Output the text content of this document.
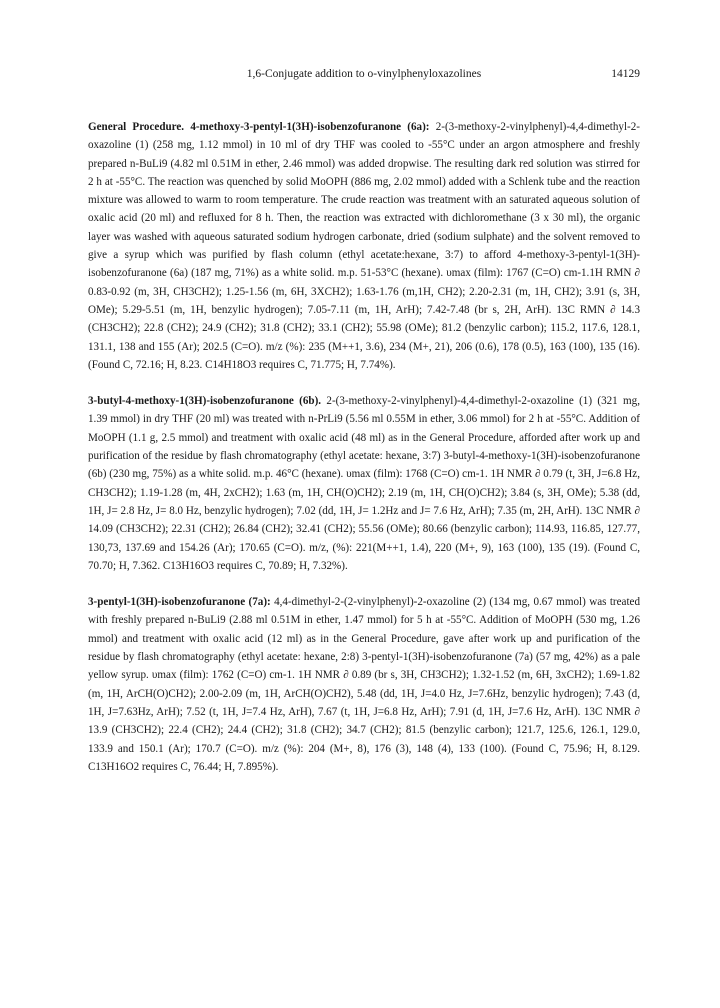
1,6-Conjugate addition to o-vinylphenyloxazolines	14129

General Procedure. 4-methoxy-3-pentyl-1(3H)-isobenzofuranone (6a): 2-(3-methoxy-2-vinylphenyl)-4,4-dimethyl-2-oxazoline (1) (258 mg, 1.12 mmol) in 10 ml of dry THF was cooled to -55°C under an argon atmosphere and freshly prepared n-BuLi9 (4.82 ml 0.51M in ether, 2.46 mmol) was added dropwise. The resulting dark red solution was stirred for 2 h at -55°C. The reaction was quenched by solid MoOPH (886 mg, 2.02 mmol) added with a Schlenk tube and the reaction mixture was allowed to warm to room temperature. The crude reaction was treatment with an saturated aqueous solution of oxalic acid (20 ml) and refluxed for 8 h. Then, the reaction was extracted with dichloromethane (3 x 30 ml), the organic layer was washed with aqueous saturated sodium hydrogen carbonate, dried (sodium sulphate) and the solvent removed to give a syrup which was purified by flash column (ethyl acetate:hexane, 3:7) to afford 4-methoxy-3-pentyl-1(3H)-isobenzofuranone (6a) (187 mg, 71%) as a white solid. m.p. 51-53°C (hexane). υmax (film): 1767 (C=O) cm-1.1H RMN ∂ 0.83-0.92 (m, 3H, CH3CH2); 1.25-1.56 (m, 6H, 3XCH2); 1.63-1.76 (m,1H, CH2); 2.20-2.31 (m, 1H, CH2); 3.91 (s, 3H, OMe); 5.29-5.51 (m, 1H, benzylic hydrogen); 7.05-7.11 (m, 1H, ArH); 7.42-7.48 (br s, 2H, ArH). 13C RMN ∂ 14.3 (CH3CH2); 22.8 (CH2); 24.9 (CH2); 31.8 (CH2); 33.1 (CH2); 55.98 (OMe); 81.2 (benzylic carbon); 115.2, 117.6, 128.1, 131.1, 138 and 155 (Ar); 202.5 (C=O). m/z (%): 235 (M++1, 3.6), 234 (M+, 21), 206 (0.6), 178 (0.5), 163 (100), 135 (16). (Found C, 72.16; H, 8.23. C14H18O3 requires C, 71.775; H, 7.74%).

3-butyl-4-methoxy-1(3H)-isobenzofuranone (6b). 2-(3-methoxy-2-vinylphenyl)-4,4-dimethyl-2-oxazoline (1) (321 mg, 1.39 mmol) in dry THF (20 ml) was treated with n-PrLi9 (5.56 ml 0.55M in ether, 3.06 mmol) for 2 h at -55°C. Addition of MoOPH (1.1 g, 2.5 mmol) and treatment with oxalic acid (48 ml) as in the General Procedure, afforded after work up and purification of the residue by flash chromatography (ethyl acetate: hexane, 3:7) 3-butyl-4-methoxy-1(3H)-isobenzofuranone (6b) (230 mg, 75%) as a white solid. m.p. 46°C (hexane). υmax (film): 1768 (C=O) cm-1. 1H NMR ∂ 0.79 (t, 3H, J=6.8 Hz, CH3CH2); 1.19-1.28 (m, 4H, 2xCH2); 1.63 (m, 1H, CH(O)CH2); 2.19 (m, 1H, CH(O)CH2); 3.84 (s, 3H, OMe); 5.38 (dd, 1H, J= 2.8 Hz, J= 8.0 Hz, benzylic hydrogen); 7.02 (dd, 1H, J= 1.2Hz and J= 7.6 Hz, ArH); 7.35 (m, 2H, ArH). 13C NMR ∂ 14.09 (CH3CH2); 22.31 (CH2); 26.84 (CH2); 32.41 (CH2); 55.56 (OMe); 80.66 (benzylic carbon); 114.93, 116.85, 127.77, 130,73, 137.69 and 154.26 (Ar); 170.65 (C=O). m/z, (%): 221(M++1, 1.4), 220 (M+, 9), 163 (100), 135 (19). (Found C, 70.70; H, 7.362. C13H16O3 requires C, 70.89; H, 7.32%).

3-pentyl-1(3H)-isobenzofuranone (7a): 4,4-dimethyl-2-(2-vinylphenyl)-2-oxazoline (2) (134 mg, 0.67 mmol) was treated with freshly prepared n-BuLi9 (2.88 ml 0.51M in ether, 1.47 mmol) for 5 h at -55°C. Addition of MoOPH (530 mg, 1.26 mmol) and treatment with oxalic acid (12 ml) as in the General Procedure, gave after work up and purification of the residue by flash chromatography (ethyl acetate: hexane, 2:8) 3-pentyl-1(3H)-isobenzofuranone (7a) (57 mg, 42%) as a pale yellow syrup. υmax (film): 1762 (C=O) cm-1. 1H NMR ∂ 0.89 (br s, 3H, CH3CH2); 1.32-1.52 (m, 6H, 3xCH2); 1.69-1.82 (m, 1H, ArCH(O)CH2); 2.00-2.09 (m, 1H, ArCH(O)CH2), 5.48 (dd, 1H, J=4.0 Hz, J=7.6Hz, benzylic hydrogen); 7.43 (d, 1H, J=7.63Hz, ArH); 7.52 (t, 1H, J=7.4 Hz, ArH), 7.67 (t, 1H, J=6.8 Hz, ArH); 7.91 (d, 1H, J=7.6 Hz, ArH). 13C NMR ∂ 13.9 (CH3CH2); 22.4 (CH2); 24.4 (CH2); 31.8 (CH2); 34.7 (CH2); 81.5 (benzylic carbon); 121.7, 125.6, 126.1, 129.0, 133.9 and 150.1 (Ar); 170.7 (C=O). m/z (%): 204 (M+, 8), 176 (3), 148 (4), 133 (100). (Found C, 75.96; H, 8.129. C13H16O2 requires C, 76.44; H, 7.895%).
